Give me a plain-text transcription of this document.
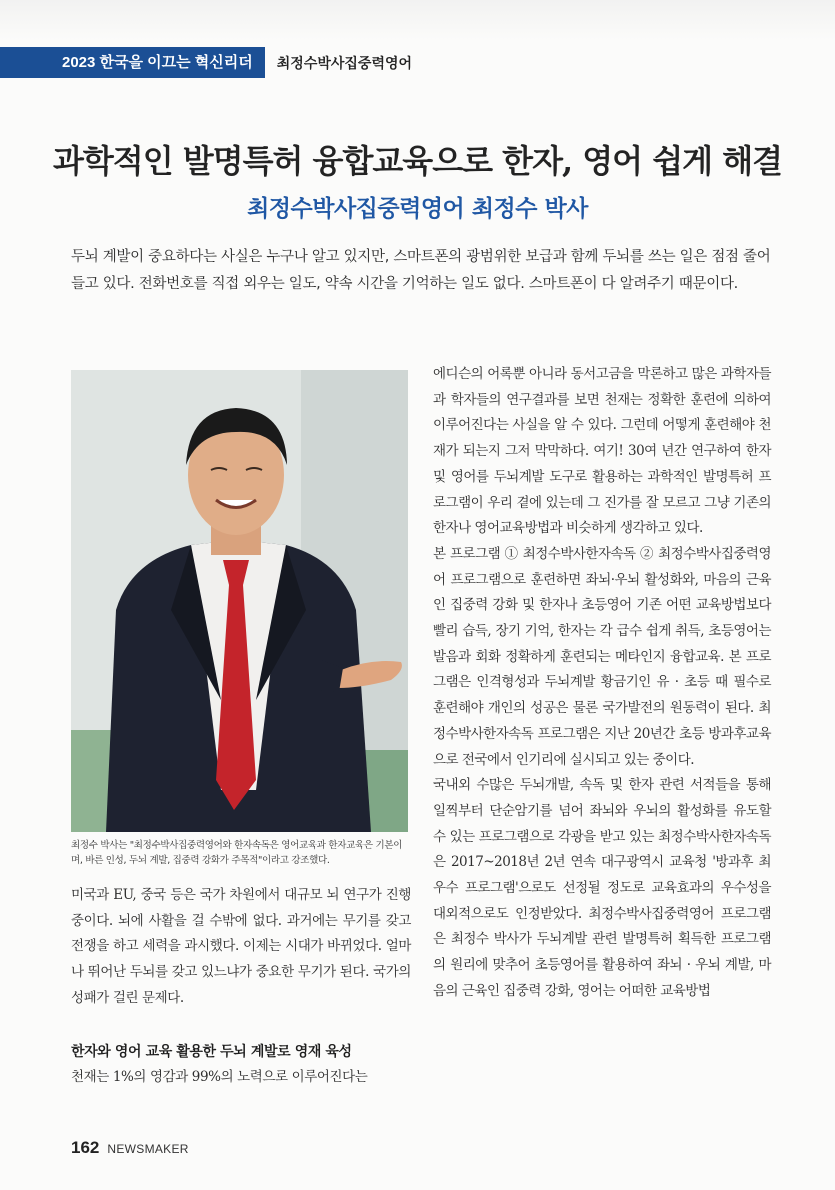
2023 한국을 이끄는 혁신리더	최정수박사집중력영어
과학적인 발명특허 융합교육으로 한자, 영어 쉽게 해결
최정수박사집중력영어 최정수 박사
두뇌 계발이 중요하다는 사실은 누구나 알고 있지만, 스마트폰의 광범위한 보급과 함께 두뇌를 쓰는 일은 점점 줄어들고 있다. 전화번호를 직접 외우는 일도, 약속 시간을 기억하는 일도 없다. 스마트폰이 다 알려주기 때문이다.
최정수 박사는 "최정수박사집중력영어와 한자속독은 영어교육과 한자교육은 기본이며, 바른 인성, 두뇌 계발, 집중력 강화가 주목적"이라고 강조했다.
미국과 EU, 중국 등은 국가 차원에서 대규모 뇌 연구가 진행 중이다. 뇌에 사활을 걸 수밖에 없다. 과거에는 무기를 갖고 전쟁을 하고 세력을 과시했다. 이제는 시대가 바뀌었다. 얼마나 뛰어난 두뇌를 갖고 있느냐가 중요한 무기가 된다. 국가의 성패가 걸린 문제다.
한자와 영어 교육 활용한 두뇌 계발로 영재 육성
천재는 1%의 영감과 99%의 노력으로 이루어진다는

에디슨의 어록뿐 아니라 동서고금을 막론하고 많은 과학자들과 학자들의 연구결과를 보면 천재는 정확한 훈련에 의하여 이루어진다는 사실을 알 수 있다. 그런데 어떻게 훈련해야 천재가 되는지 그저 막막하다. 여기! 30여 년간 연구하여 한자 및 영어를 두뇌계발 도구로 활용하는 과학적인 발명특허 프로그램이 우리 곁에 있는데 그 진가를 잘 모르고 그냥 기존의 한자나 영어교육방법과 비슷하게 생각하고 있다.

본 프로그램 ① 최정수박사한자속독 ② 최정수박사집중력영어 프로그램으로 훈련하면 좌뇌·우뇌 활성화와, 마음의 근육인 집중력 강화 및 한자나 초등영어 기존 어떤 교육방법보다 빨리 습득, 장기 기억, 한자는 각 급수 쉽게 취득, 초등영어는 발음과 회화 정확하게 훈련되는 메타인지 융합교육. 본 프로그램은 인격형성과 두뇌계발 황금기인 유 · 초등 때 필수로 훈련해야 개인의 성공은 물론 국가발전의 원동력이 된다. 최정수박사한자속독 프로그램은 지난 20년간 초등 방과후교육으로 전국에서 인기리에 실시되고 있는 중이다.

국내외 수많은 두뇌개발, 속독 및 한자 관련 서적들을 통해 일찍부터 단순암기를 넘어 좌뇌와 우뇌의 활성화를 유도할 수 있는 프로그램으로 각광을 받고 있는 최정수박사한자속독은 2017~2018년 2년 연속 대구광역시 교육청 '방과후 최우수 프로그램'으로도 선정될 정도로 교육효과의 우수성을 대외적으로도 인정받았다. 최정수박사집중력영어 프로그램은 최정수 박사가 두뇌계발 관련 발명특허 획득한 프로그램의 원리에 맞추어 초등영어를 활용하여 좌뇌 · 우뇌 계발, 마음의 근육인 집중력 강화, 영어는 어떠한 교육방법

162 NEWSMAKER
